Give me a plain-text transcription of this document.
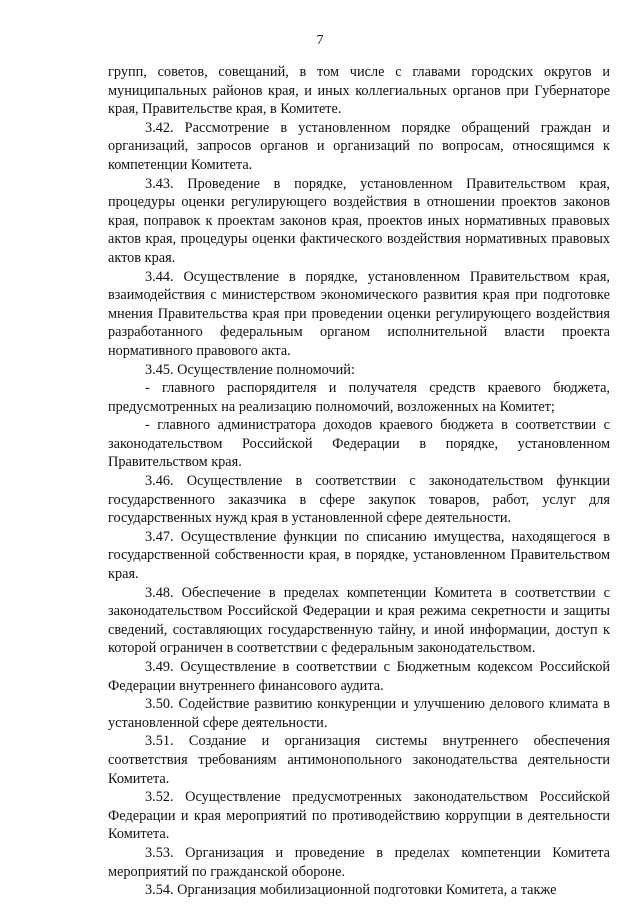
7

групп, советов, совещаний, в том числе с главами городских округов и муниципальных районов края, и иных коллегиальных органов при Губернаторе края, Правительстве края, в Комитете.

3.42. Рассмотрение в установленном порядке обращений граждан и организаций, запросов органов и организаций по вопросам, относящимся к компетенции Комитета.

3.43. Проведение в порядке, установленном Правительством края, процедуры оценки регулирующего воздействия в отношении проектов законов края, поправок к проектам законов края, проектов иных нормативных правовых актов края, процедуры оценки фактического воздействия нормативных правовых актов края.

3.44. Осуществление в порядке, установленном Правительством края, взаимодействия с министерством экономического развития края при подготовке мнения Правительства края при проведении оценки регулирующего воздействия разработанного федеральным органом исполнительной власти проекта нормативного правового акта.

3.45. Осуществление полномочий:

- главного распорядителя и получателя средств краевого бюджета, предусмотренных на реализацию полномочий, возложенных на Комитет;

- главного администратора доходов краевого бюджета в соответствии с законодательством Российской Федерации в порядке, установленном Правительством края.

3.46. Осуществление в соответствии с законодательством функции государственного заказчика в сфере закупок товаров, работ, услуг для государственных нужд края в установленной сфере деятельности.

3.47. Осуществление функции по списанию имущества, находящегося в государственной собственности края, в порядке, установленном Правительством края.

3.48. Обеспечение в пределах компетенции Комитета в соответствии с законодательством Российской Федерации и края режима секретности и защиты сведений, составляющих государственную тайну, и иной информации, доступ к которой ограничен в соответствии с федеральным законодательством.

3.49. Осуществление в соответствии с Бюджетным кодексом Российской Федерации внутреннего финансового аудита.

3.50. Содействие развитию конкуренции и улучшению делового климата в установленной сфере деятельности.

3.51. Создание и организация системы внутреннего обеспечения соответствия требованиям антимонопольного законодательства деятельности Комитета.

3.52. Осуществление предусмотренных законодательством Российской Федерации и края мероприятий по противодействию коррупции в деятельности Комитета.

3.53. Организация и проведение в пределах компетенции Комитета мероприятий по гражданской обороне.

3.54. Организация мобилизационной подготовки Комитета, а также
